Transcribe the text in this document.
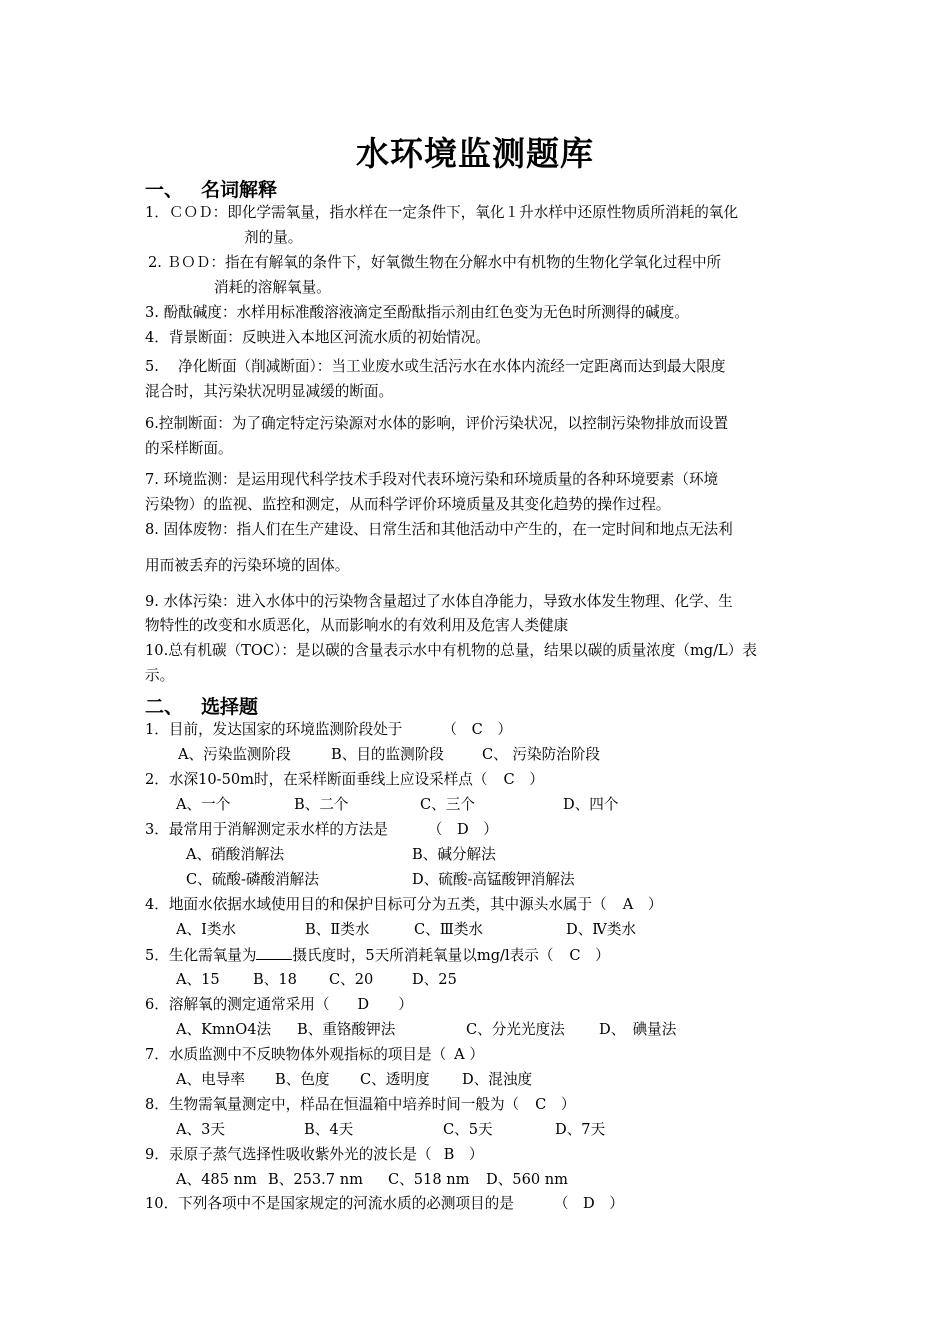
水环境监测题库
一、 名词解释
1．ＣＯＤ：即化学需氧量，指水样在一定条件下，氧化１升水样中还原性物质所消耗的氧化
剂的量。
2. ＢＯＤ：指在有解氧的条件下，好氧微生物在分解水中有机物的生物化学氧化过程中所
消耗的溶解氧量。
3. 酚酞碱度：水样用标准酸溶液滴定至酚酞指示剂由红色变为无色时所测得的碱度。
4．背景断面：反映进入本地区河流水质的初始情况。
5.　 净化断面（削减断面）：当工业废水或生活污水在水体内流经一定距离而达到最大限度
混合时，其污染状况明显减缓的断面。
6.控制断面：为了确定特定污染源对水体的影响，评价污染状况，以控制污染物排放而设置
的采样断面。
7. 环境监测：是运用现代科学技术手段对代表环境污染和环境质量的各种环境要素（环境
污染物）的监视、监控和测定，从而科学评价环境质量及其变化趋势的操作过程。
8. 固体废物：指人们在生产建设、日常生活和其他活动中产生的，在一定时间和地点无法利
用而被丢弃的污染环境的固体。
9. 水体污染：进入水体中的污染物含量超过了水体自净能力，导致水体发生物理、化学、生
物特性的改变和水质恶化，从而影响水的有效利用及危害人类健康
10.总有机碳（TOC）：是以碳的含量表示水中有机物的总量，结果以碳的质量浓度（mg/L）表
示。
二、 选择题
1．目前，发达国家的环境监测阶段处于	（　C　）
A、污染监测阶段	B、目的监测阶段	C、 污染防治阶段
2．水深10-50m时，在采样断面垂线上应设采样点（ C　）
A、一个	B、二个	C、三个	D、四个
3．最常用于消解测定汞水样的方法是	（　D　）
A、硝酸消解法	B、碱分解法
C、硫酸-磷酸消解法	D、硫酸-高锰酸钾消解法
4．地面水依据水域使用目的和保护目标可分为五类，其中源头水属于（ A　）
A、I类水	B、Ⅱ类水	C、Ⅲ类水	D、Ⅳ类水
5．生化需氧量为 摄氏度时，5天所消耗氧量以mg/l表示（ C　）
A、15 B、18 C、20	D、25
6．溶解氧的测定通常采用（ D　　）
A、KmnO4法 B、重铬酸钾法	C、分光光度法 D、　碘量法
7．水质监测中不反映物体外观指标的项目是（ A ）
A、电导率 B、色度 C、透明度 D、混浊度
8．生物需氧量测定中，样品在恒温箱中培养时间一般为（ C　）
A、3天	B、4天	C、5天	D、7天
9．汞原子蒸气选择性吸收紫外光的波长是（ B　）
A、485 nm B、253.7 nm C、518 nm D、560 nm
10．下列各项中不是国家规定的河流水质的必测项目的是	（　D　）
